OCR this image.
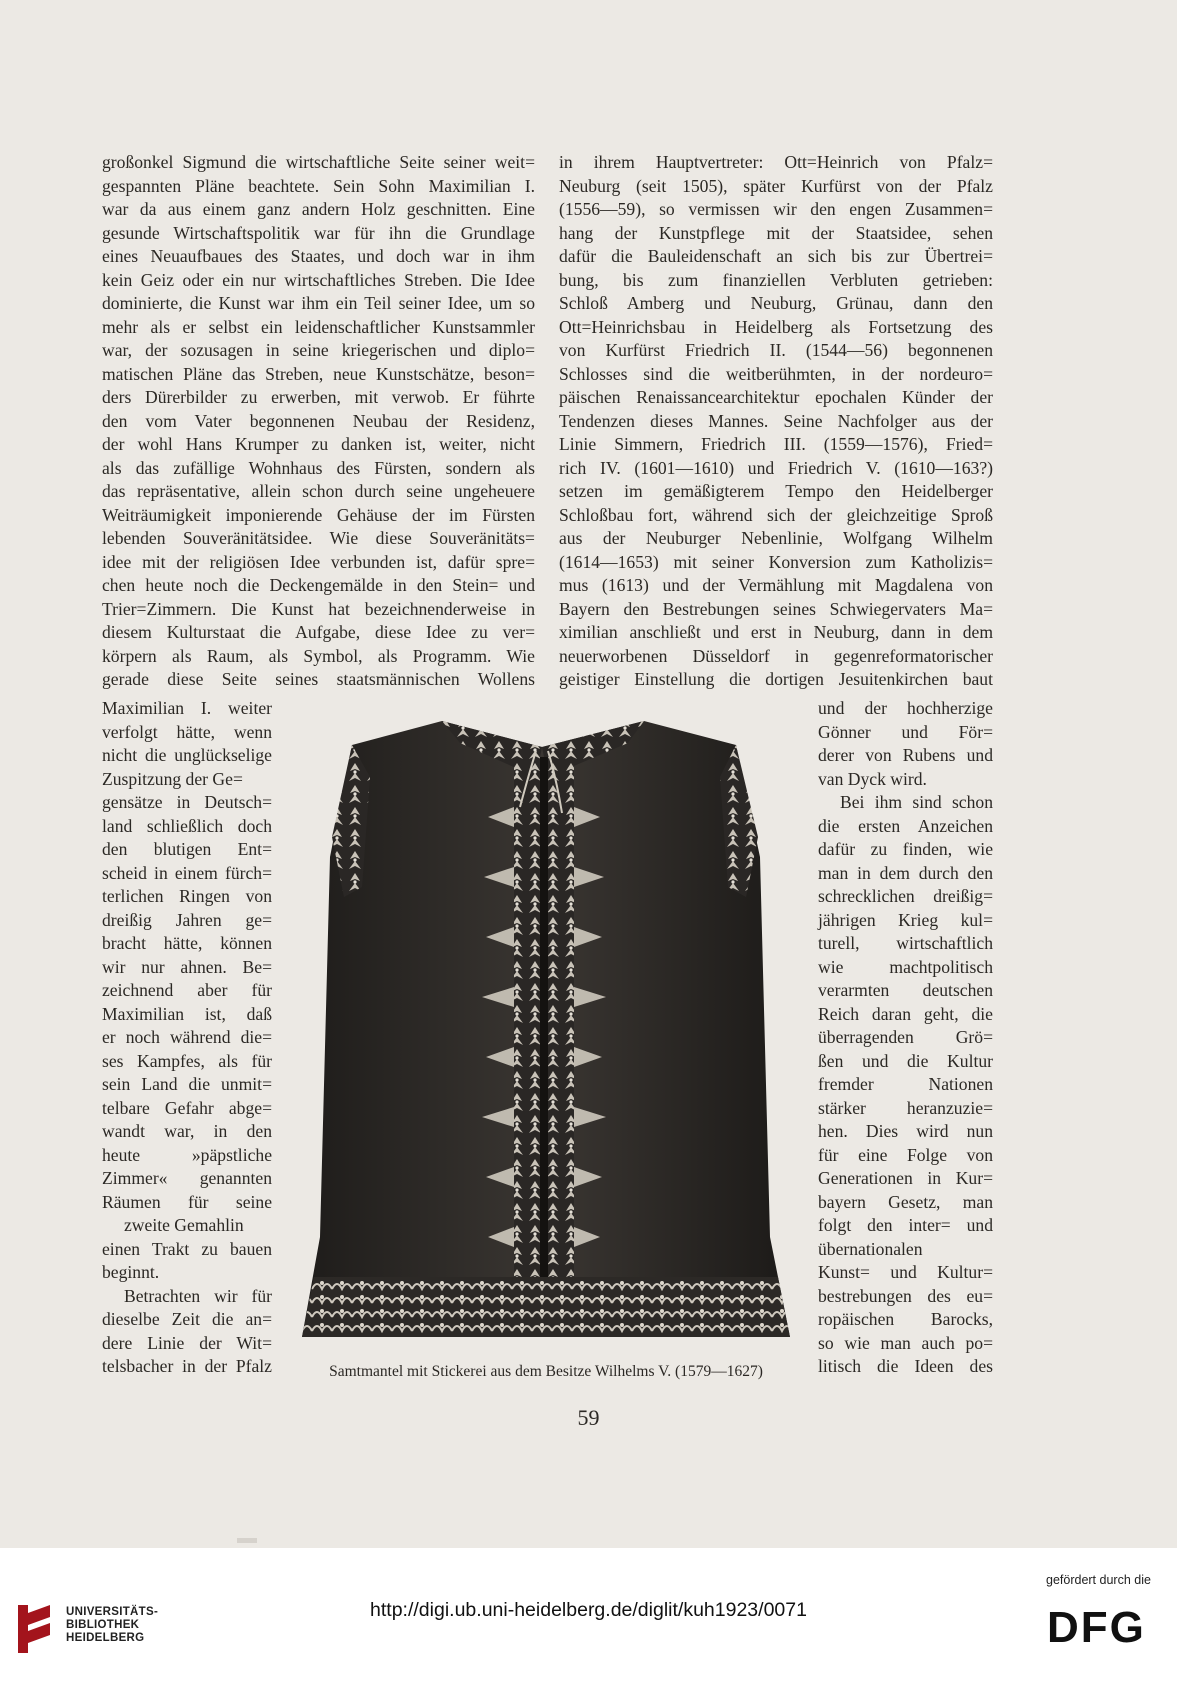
großonkel Sigmund die wirtschaftliche Seite seiner weit=
gespannten Pläne beachtete. Sein Sohn Maximilian I.
war da aus einem ganz andern Holz geschnitten. Eine
gesunde Wirtschaftspolitik war für ihn die Grundlage
eines Neuaufbaues des Staates, und doch war in ihm
kein Geiz oder ein nur wirtschaftliches Streben. Die Idee
dominierte, die Kunst war ihm ein Teil seiner Idee, um so
mehr als er selbst ein leidenschaftlicher Kunstsammler
war, der sozusagen in seine kriegerischen und diplo=
matischen Pläne das Streben, neue Kunstschätze, beson=
ders Dürerbilder zu erwerben, mit verwob. Er führte
den vom Vater begonnenen Neubau der Residenz,
der wohl Hans Krumper zu danken ist, weiter, nicht
als das zufällige Wohnhaus des Fürsten, sondern als
das repräsentative, allein schon durch seine ungeheuere
Weiträumigkeit imponierende Gehäuse der im Fürsten
lebenden Souveränitätsidee. Wie diese Souveränitäts=
idee mit der religiösen Idee verbunden ist, dafür spre=
chen heute noch die Deckengemälde in den Stein= und
Trier=Zimmern. Die Kunst hat bezeichnenderweise in
diesem Kulturstaat die Aufgabe, diese Idee zu ver=
körpern als Raum, als Symbol, als Programm. Wie
gerade diese Seite seines staatsmännischen Wollens
Maximilian I. weiter
verfolgt hätte, wenn
nicht die unglückselige
Zuspitzung der Ge=
gensätze in Deutsch=
land schließlich doch
den blutigen Ent=
scheid in einem fürch=
terlichen Ringen von
dreißig Jahren ge=
bracht hätte, können
wir nur ahnen. Be=
zeichnend aber für
Maximilian ist, daß
er noch während die=
ses Kampfes, als für
sein Land die unmit=
telbare Gefahr abge=
wandt war, in den
heute »päpstliche
Zimmer« genannten
Räumen für seine
zweite Gemahlin
einen Trakt zu bauen
beginnt.
Betrachten wir für
dieselbe Zeit die an=
dere Linie der Wit=
telsbacher in der Pfalz
in ihrem Hauptvertreter: Ott=Heinrich von Pfalz=
Neuburg (seit 1505), später Kurfürst von der Pfalz
(1556—59), so vermissen wir den engen Zusammen=
hang der Kunstpflege mit der Staatsidee, sehen
dafür die Bauleidenschaft an sich bis zur Übertrei=
bung, bis zum finanziellen Verbluten getrieben:
Schloß Amberg und Neuburg, Grünau, dann den
Ott=Heinrichsbau in Heidelberg als Fortsetzung des
von Kurfürst Friedrich II. (1544—56) begonnenen
Schlosses sind die weitberühmten, in der nordeuro=
päischen Renaissancearchitektur epochalen Künder der
Tendenzen dieses Mannes. Seine Nachfolger aus der
Linie Simmern, Friedrich III. (1559—1576), Fried=
rich IV. (1601—1610) und Friedrich V. (1610—163?)
setzen im gemäßigterem Tempo den Heidelberger
Schloßbau fort, während sich der gleichzeitige Sproß
aus der Neuburger Nebenlinie, Wolfgang Wilhelm
(1614—1653) mit seiner Konversion zum Katholizis=
mus (1613) und der Vermählung mit Magdalena von
Bayern den Bestrebungen seines Schwiegervaters Ma=
ximilian anschließt und erst in Neuburg, dann in dem
neuerworbenen Düsseldorf in gegenreformatorischer
geistiger Einstellung die dortigen Jesuitenkirchen baut
und der hochherzige
Gönner und För=
derer von Rubens und
van Dyck wird.
Bei ihm sind schon
die ersten Anzeichen
dafür zu finden, wie
man in dem durch den
schrecklichen dreißig=
jährigen Krieg kul=
turell, wirtschaftlich
wie machtpolitisch
verarmten deutschen
Reich daran geht, die
überragenden Grö=
ßen und die Kultur
fremder Nationen
stärker heranzuzie=
hen. Dies wird nun
für eine Folge von
Generationen in Kur=
bayern Gesetz, man
folgt den inter= und
übernationalen
Kunst= und Kultur=
bestrebungen des eu=
ropäischen Barocks,
so wie man auch po=
litisch die Ideen des
Samtmantel mit Stickerei aus dem Besitze Wilhelms V. (1579—1627)
59
UNIVERSITÄTS-
BIBLIOTHEK
HEIDELBERG
http://digi.ub.uni-heidelberg.de/diglit/kuh1923/0071
gefördert durch die
DFG
